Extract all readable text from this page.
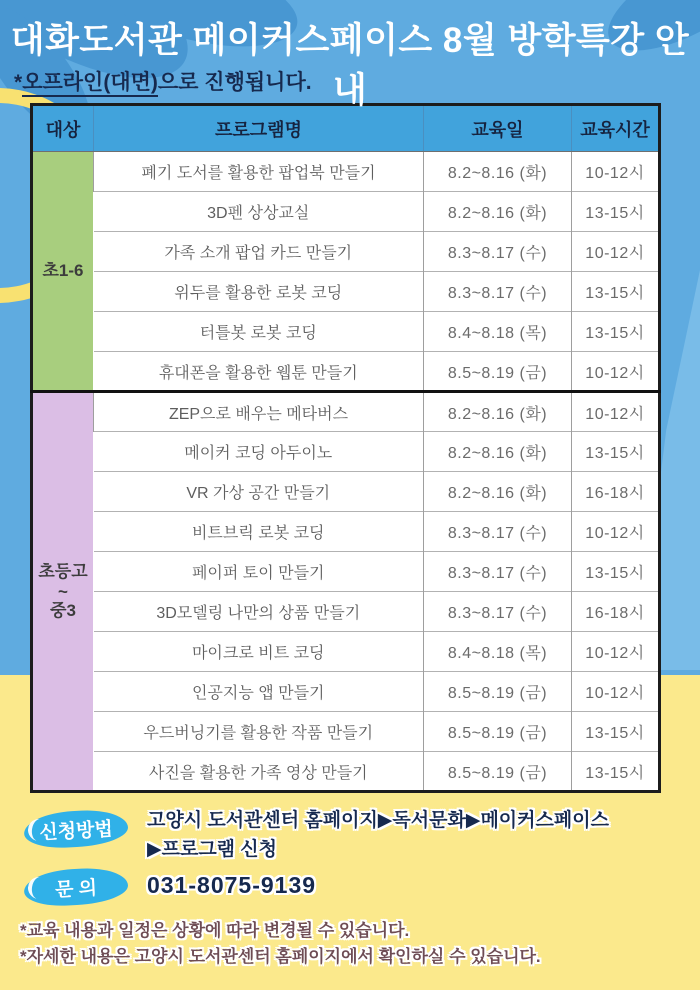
대화도서관 메이커스페이스 8월 방학특강 안내
*오프라인(대면)으로 진행됩니다.
대상	프로그램명	교육일	교육시간

초1-6	폐기 도서를 활용한 팝업북 만들기	8.2~8.16 (화)	10-12시
	3D펜 상상교실	8.2~8.16 (화)	13-15시
	가족 소개 팝업 카드 만들기	8.3~8.17 (수)	10-12시
	위두를 활용한 로봇 코딩	8.3~8.17 (수)	13-15시
	터틀봇 로봇 코딩	8.4~8.18 (목)	13-15시
	휴대폰을 활용한 웹툰 만들기	8.5~8.19 (금)	10-12시

초등고
~
중3	ZEP으로 배우는 메타버스	8.2~8.16 (화)	10-12시
	메이커 코딩 아두이노	8.2~8.16 (화)	13-15시
	VR 가상 공간 만들기	8.2~8.16 (화)	16-18시
	비트브릭 로봇 코딩	8.3~8.17 (수)	10-12시
	페이퍼 토이 만들기	8.3~8.17 (수)	13-15시
	3D모델링 나만의 상품 만들기	8.3~8.17 (수)	16-18시
	마이크로 비트 코딩	8.4~8.18 (목)	10-12시
	인공지능 앱 만들기	8.5~8.19 (금)	10-12시
	우드버닝기를 활용한 작품 만들기	8.5~8.19 (금)	13-15시
	사진을 활용한 가족 영상 만들기	8.5~8.19 (금)	13-15시
신청방법	고양시 도서관센터 홈페이지▶독서문화▶메이커스페이스
▶프로그램 신청
문 의	031-8075-9139
*교육 내용과 일정은 상황에 따라 변경될 수 있습니다.
*자세한 내용은 고양시 도서관센터 홈페이지에서 확인하실 수 있습니다.
